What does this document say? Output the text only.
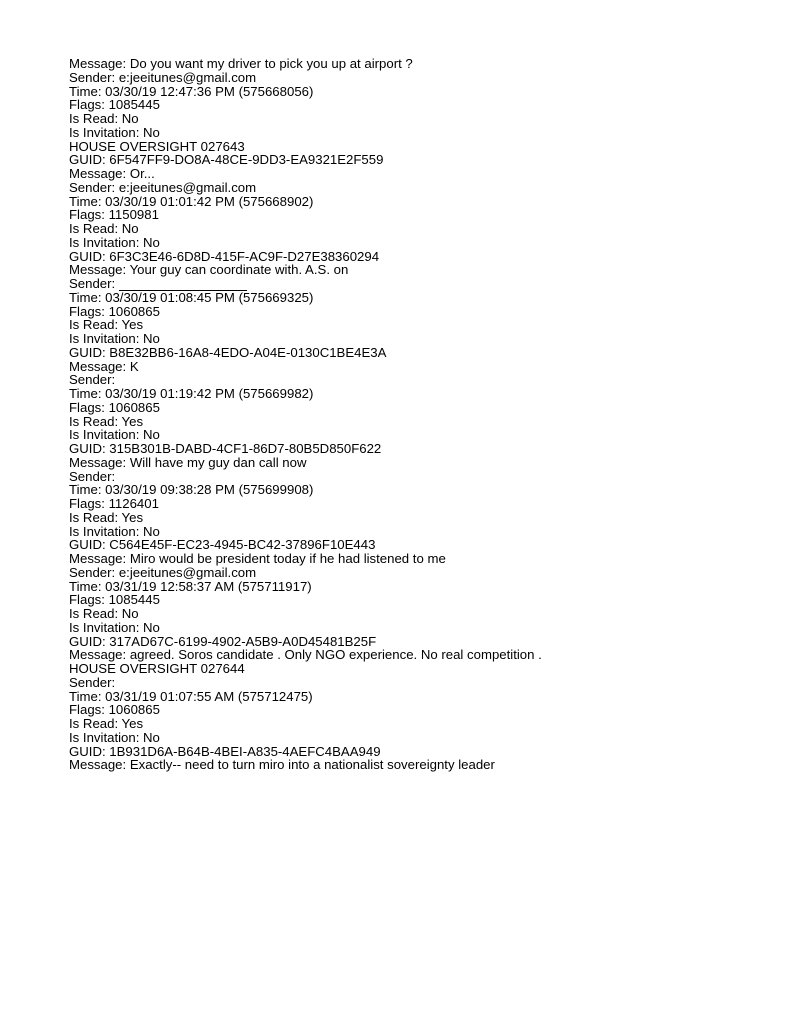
Message: Do you want my driver to pick you up at airport ?
Sender: e:jeeitunes@gmail.com
Time: 03/30/19 12:47:36 PM (575668056)
Flags: 1085445
Is Read: No
Is Invitation: No
HOUSE OVERSIGHT 027643
GUID: 6F547FF9-DO8A-48CE-9DD3-EA9321E2F559
Message: Or...
Sender: e:jeeitunes@gmail.com
Time: 03/30/19 01:01:42 PM (575668902)
Flags: 1150981
Is Read: No
Is Invitation: No
GUID: 6F3C3E46-6D8D-415F-AC9F-D27E38360294
Message: Your guy can coordinate with. A.S. on
Sender:
Time: 03/30/19 01:08:45 PM (575669325)
Flags: 1060865
Is Read: Yes
Is Invitation: No
GUID: B8E32BB6-16A8-4EDO-A04E-0130C1BE4E3A
Message: K
Sender:
Time: 03/30/19 01:19:42 PM (575669982)
Flags: 1060865
Is Read: Yes
Is Invitation: No
GUID: 315B301B-DABD-4CF1-86D7-80B5D850F622
Message: Will have my guy dan call now
Sender:
Time: 03/30/19 09:38:28 PM (575699908)
Flags: 1126401
Is Read: Yes
Is Invitation: No
GUID: C564E45F-EC23-4945-BC42-37896F10E443
Message: Miro would be president today if he had listened to me
Sender: e:jeeitunes@gmail.com
Time: 03/31/19 12:58:37 AM (575711917)
Flags: 1085445
Is Read: No
Is Invitation: No
GUID: 317AD67C-6199-4902-A5B9-A0D45481B25F
Message: agreed. Soros candidate . Only NGO experience. No real competition .
HOUSE OVERSIGHT 027644
Sender:
Time: 03/31/19 01:07:55 AM (575712475)
Flags: 1060865
Is Read: Yes
Is Invitation: No
GUID: 1B931D6A-B64B-4BEI-A835-4AEFC4BAA949
Message: Exactly-- need to turn miro into a nationalist sovereignty leader
